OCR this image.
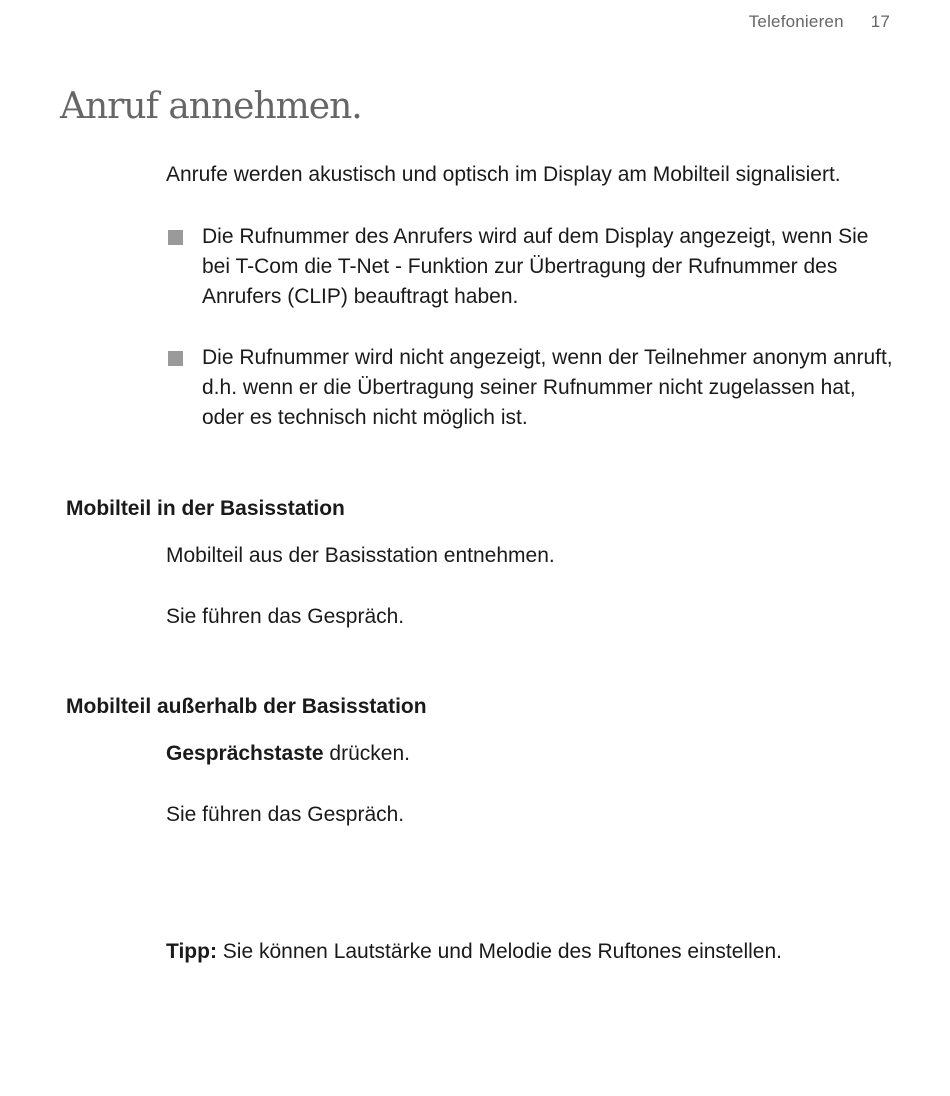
Telefonieren 17
Anruf annehmen.

Anrufe werden akustisch und optisch im Display am Mobilteil signalisiert.

Die Rufnummer des Anrufers wird auf dem Display angezeigt, wenn Sie bei T-Com die T-Net - Funktion zur Übertragung der Rufnummer des Anrufers (CLIP) beauftragt haben.
Die Rufnummer wird nicht angezeigt, wenn der Teilnehmer anonym anruft, d.h. wenn er die Übertragung seiner Rufnummer nicht zugelassen hat, oder es technisch nicht möglich ist.
Mobilteil in der Basisstation

Mobilteil aus der Basisstation entnehmen.

Sie führen das Gespräch.

Mobilteil außerhalb der Basisstation

Gesprächstaste drücken.

Sie führen das Gespräch.

Tipp: Sie können Lautstärke und Melodie des Ruftones einstellen.
